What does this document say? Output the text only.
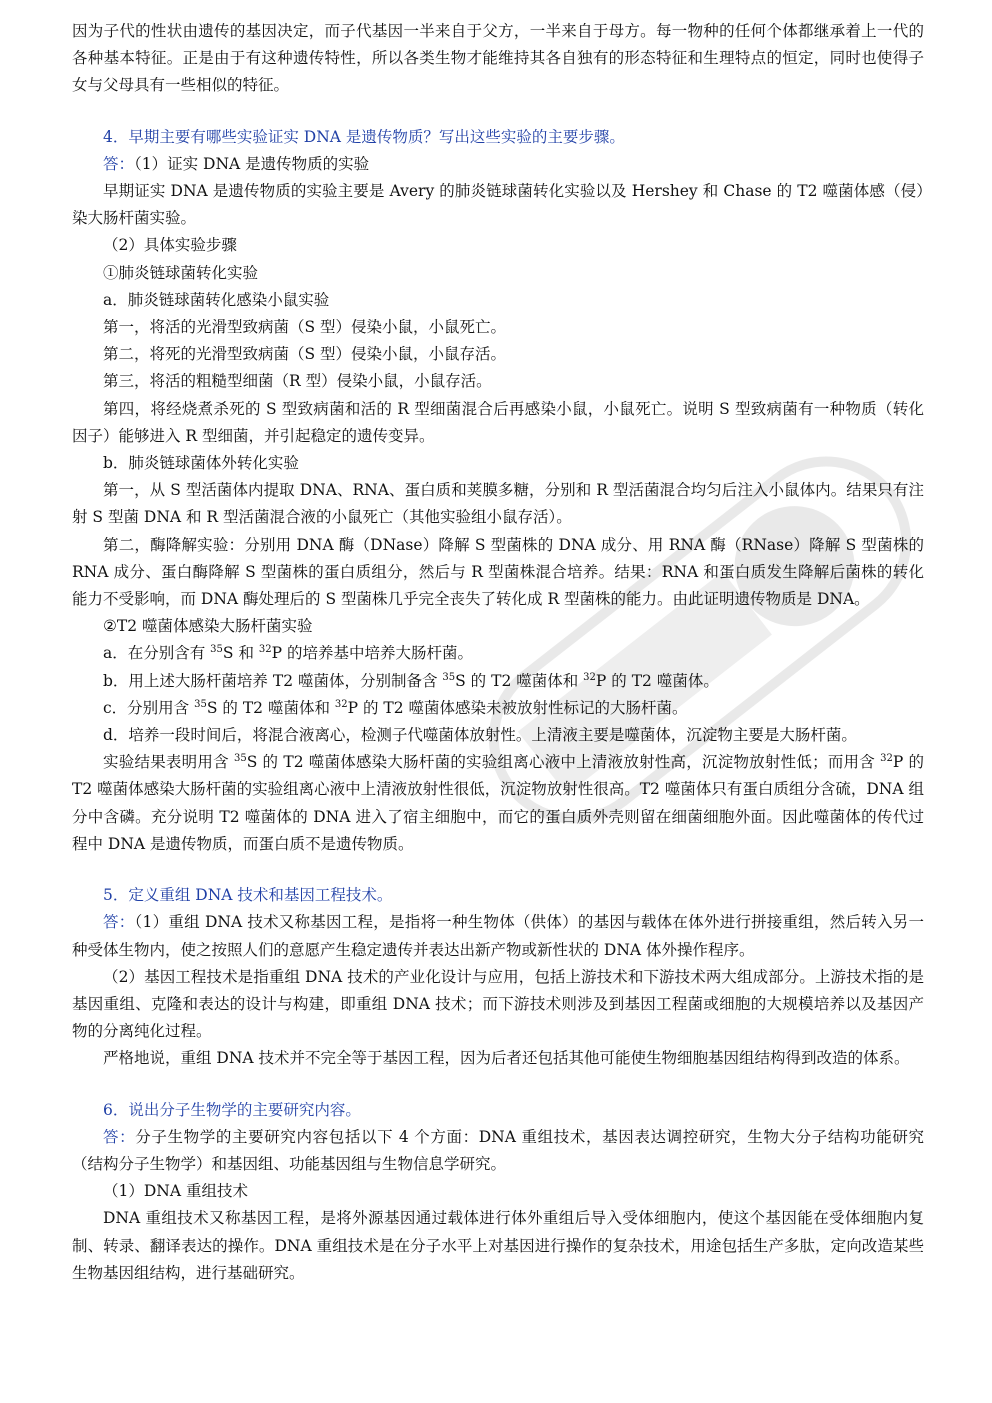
因为子代的性状由遗传的基因决定，而子代基因一半来自于父方，一半来自于母方。每一物种的任何个体都继承着上一代的各种基本特征。正是由于有这种遗传特性，所以各类生物才能维持其各自独有的形态特征和生理特点的恒定，同时也使得子女与父母具有一些相似的特征。

4．早期主要有哪些实验证实 DNA 是遗传物质？写出这些实验的主要步骤。

答：（1）证实 DNA 是遗传物质的实验

早期证实 DNA 是遗传物质的实验主要是 Avery 的肺炎链球菌转化实验以及 Hershey 和 Chase 的 T2 噬菌体感（侵）染大肠杆菌实验。

（2）具体实验步骤

①肺炎链球菌转化实验

a．肺炎链球菌转化感染小鼠实验

第一，将活的光滑型致病菌（S 型）侵染小鼠，小鼠死亡。

第二，将死的光滑型致病菌（S 型）侵染小鼠，小鼠存活。

第三，将活的粗糙型细菌（R 型）侵染小鼠，小鼠存活。

第四，将经烧煮杀死的 S 型致病菌和活的 R 型细菌混合后再感染小鼠，小鼠死亡。说明 S 型致病菌有一种物质（转化因子）能够进入 R 型细菌，并引起稳定的遗传变异。

b．肺炎链球菌体外转化实验

第一，从 S 型活菌体内提取 DNA、RNA、蛋白质和荚膜多糖，分别和 R 型活菌混合均匀后注入小鼠体内。结果只有注射 S 型菌 DNA 和 R 型活菌混合液的小鼠死亡（其他实验组小鼠存活）。

第二，酶降解实验：分别用 DNA 酶（DNase）降解 S 型菌株的 DNA 成分、用 RNA 酶（RNase）降解 S 型菌株的 RNA 成分、蛋白酶降解 S 型菌株的蛋白质组分，然后与 R 型菌株混合培养。结果：RNA 和蛋白质发生降解后菌株的转化能力不受影响，而 DNA 酶处理后的 S 型菌株几乎完全丧失了转化成 R 型菌株的能力。由此证明遗传物质是 DNA。

②T2 噬菌体感染大肠杆菌实验

a．在分别含有 $^{35}$S 和 $^{32}$P 的培养基中培养大肠杆菌。

b．用上述大肠杆菌培养 T2 噬菌体，分别制备含 $^{35}$S 的 T2 噬菌体和 $^{32}$P 的 T2 噬菌体。

c．分别用含 $^{35}$S 的 T2 噬菌体和 $^{32}$P 的 T2 噬菌体感染未被放射性标记的大肠杆菌。

d．培养一段时间后，将混合液离心，检测子代噬菌体放射性。上清液主要是噬菌体，沉淀物主要是大肠杆菌。

实验结果表明用含 $^{35}$S 的 T2 噬菌体感染大肠杆菌的实验组离心液中上清液放射性高，沉淀物放射性低；而用含 $^{32}$P 的 T2 噬菌体感染大肠杆菌的实验组离心液中上清液放射性很低，沉淀物放射性很高。T2 噬菌体只有蛋白质组分含硫，DNA 组分中含磷。充分说明 T2 噬菌体的 DNA 进入了宿主细胞中，而它的蛋白质外壳则留在细菌细胞外面。因此噬菌体的传代过程中 DNA 是遗传物质，而蛋白质不是遗传物质。

5．定义重组 DNA 技术和基因工程技术。

答：（1）重组 DNA 技术又称基因工程，是指将一种生物体（供体）的基因与载体在体外进行拼接重组，然后转入另一种受体生物内，使之按照人们的意愿产生稳定遗传并表达出新产物或新性状的 DNA 体外操作程序。

（2）基因工程技术是指重组 DNA 技术的产业化设计与应用，包括上游技术和下游技术两大组成部分。上游技术指的是基因重组、克隆和表达的设计与构建，即重组 DNA 技术；而下游技术则涉及到基因工程菌或细胞的大规模培养以及基因产物的分离纯化过程。

严格地说，重组 DNA 技术并不完全等于基因工程，因为后者还包括其他可能使生物细胞基因组结构得到改造的体系。

6．说出分子生物学的主要研究内容。

答：分子生物学的主要研究内容包括以下 4 个方面：DNA 重组技术，基因表达调控研究，生物大分子结构功能研究（结构分子生物学）和基因组、功能基因组与生物信息学研究。

（1）DNA 重组技术

DNA 重组技术又称基因工程，是将外源基因通过载体进行体外重组后导入受体细胞内，使这个基因能在受体细胞内复制、转录、翻译表达的操作。DNA 重组技术是在分子水平上对基因进行操作的复杂技术，用途包括生产多肽，定向改造某些生物基因组结构，进行基础研究。
